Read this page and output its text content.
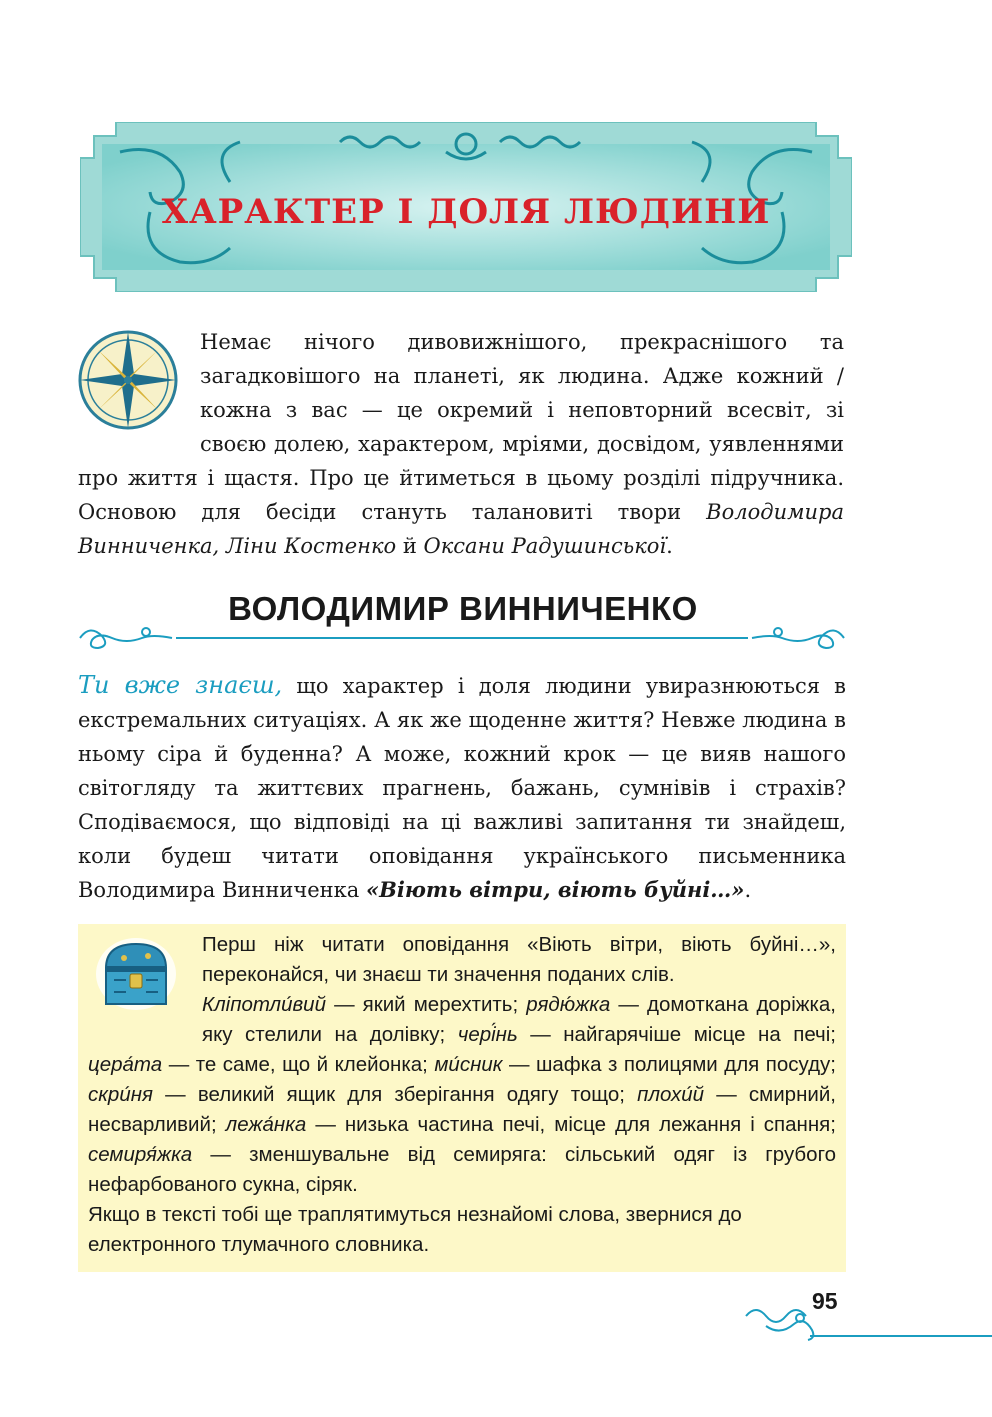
ХАРАКТЕР І ДОЛЯ ЛЮДИНИ

Немає нічого дивовижнішого, прекраснішого та загадковішого на планеті, як людина. Адже кожний / кожна з вас — це окремий і неповторний всесвіт, зі своєю долею, характером, мріями, досвідом, уявленнями про життя і щастя. Про це йтиметься в цьому розділі підручника. Основою для бесіди стануть талановиті твори Володимира Винниченка, Ліни Костенко й Оксани Радушинської.

ВОЛОДИМИР ВИННИЧЕНКО

Ти вже знаєш, що характер і доля людини увиразнюються в екстремальних ситуаціях. А як же щоденне життя? Невже людина в ньому сіра й буденна? А може, кожний крок — це вияв нашого світогляду та життєвих прагнень, бажань, сумнівів і страхів? Сподіваємося, що відповіді на ці важливі запитання ти знайдеш, коли будеш читати оповідання українського письменника Володимира Винниченка «Віють вітри, віють буйні…».

Перш ніж читати оповідання «Віють вітри, віють буйні…», переконайся, чи знаєш ти значення поданих слів.
Кліпотли́вий — який мерехтить; рядю́жка — домоткана доріжка, яку стелили на долівку; чері́нь — найгарячіше місце на печі; цера́та — те саме, що й клейонка; ми́сник — шафка з полицями для посуду; скри́ня — великий ящик для зберігання одягу тощо; плохи́й — смирний, несварливий; лежа́нка — низька частина печі, місце для лежання і спання; семиря́жка — зменшувальне від семиряга: сільський одяг із грубого нефарбованого сукна, сіряк.

Якщо в тексті тобі ще траплятимуться незнайомі слова, звернися до електронного тлумачного словника.

95
